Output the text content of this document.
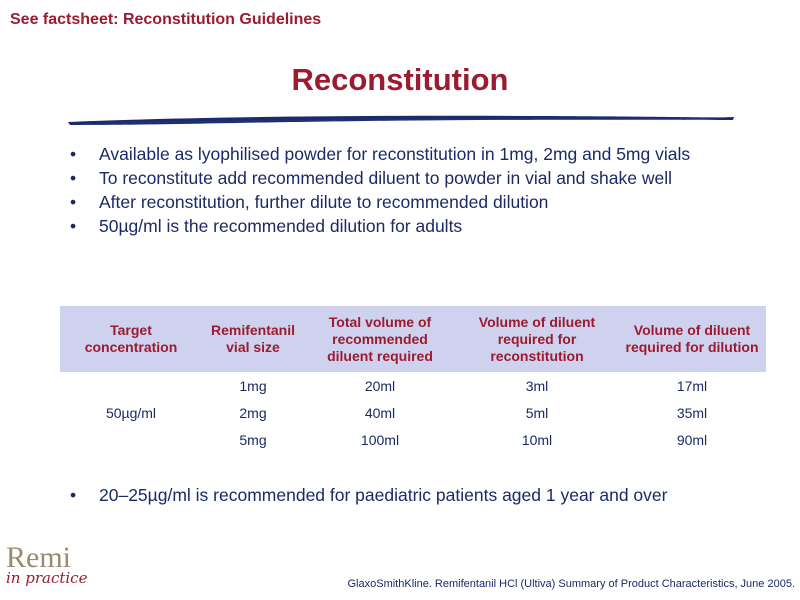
See factsheet: Reconstitution Guidelines
Reconstitution
• Available as lyophilised powder for reconstitution in 1mg, 2mg and 5mg vials
• To reconstitute add recommended diluent to powder in vial and shake well
• After reconstitution, further dilute to recommended dilution
• 50µg/ml is the recommended dilution for adults
Target concentration	Remifentanil vial size	Total volume of recommended diluent required	Volume of diluent required for reconstitution	Volume of diluent required for dilution
50µg/ml	1mg	20ml	3ml	17ml
	2mg	40ml	5ml	35ml
	5mg	100ml	10ml	90ml
• 20–25µg/ml is recommended for paediatric patients aged 1 year and over
Remi
in practice	GlaxoSmithKline. Remifentanil HCl (Ultiva) Summary of Product Characteristics, June 2005.
